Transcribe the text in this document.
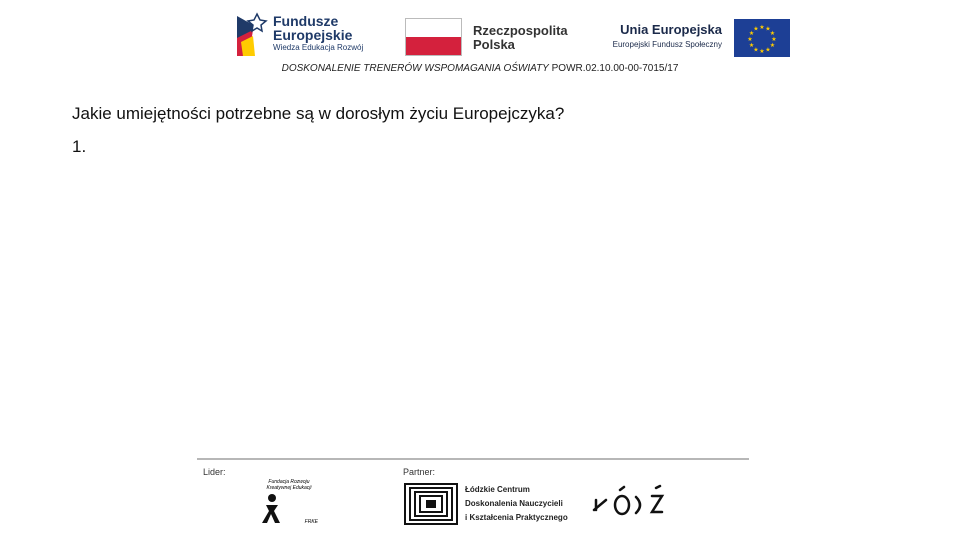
Fundusze
Europejskie
Wiedza Edukacja Rozwój
Rzeczpospolita
Polska
Unia Europejska
Europejski Fundusz Społeczny
★ ★
★
★
★
★
★
★
★
★
★
★
DOSKONALENIE TRENERÓW WSPOMAGANIA OŚWIATY POWR.02.10.00-00-7015/17
Jakie umiejętności potrzebne są w dorosłym życiu Europejczyka?
1.
Lider:	Partner:
Fundacja Rozwoju Kreatywnej Edukacji
FRKE
Łódzkie Centrum
Doskonalenia Nauczycieli
i Kształcenia Praktycznego
